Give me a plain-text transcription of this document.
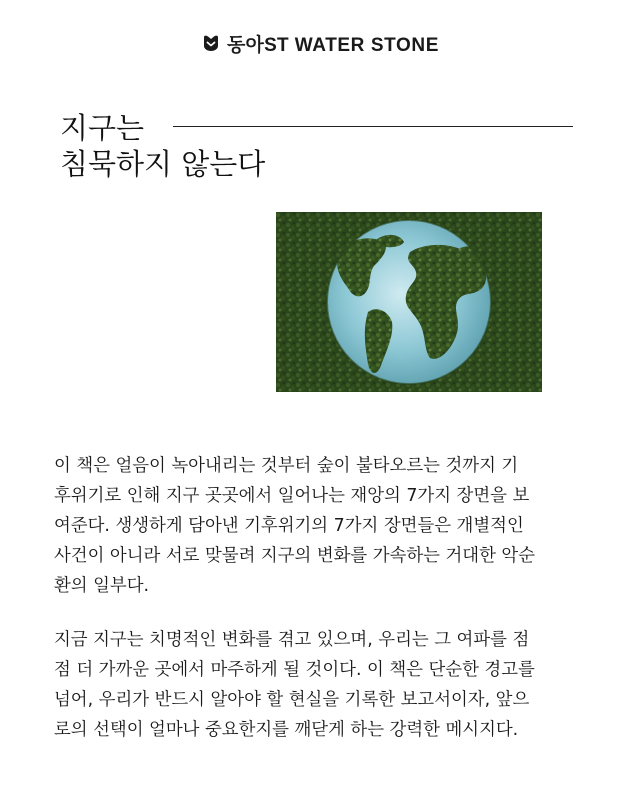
동아ST WATER STONE
지구는
침묵하지 않는다
이 책은 얼음이 녹아내리는 것부터 숲이 불타오르는 것까지 기
후위기로 인해 지구 곳곳에서 일어나는 재앙의 7가지 장면을 보
여준다. 생생하게 담아낸 기후위기의 7가지 장면들은 개별적인
사건이 아니라 서로 맞물려 지구의 변화를 가속하는 거대한 악순
환의 일부다.
지금 지구는 치명적인 변화를 겪고 있으며, 우리는 그 여파를 점
점 더 가까운 곳에서 마주하게 될 것이다. 이 책은 단순한 경고를
넘어, 우리가 반드시 알아야 할 현실을 기록한 보고서이자, 앞으
로의 선택이 얼마나 중요한지를 깨닫게 하는 강력한 메시지다.
